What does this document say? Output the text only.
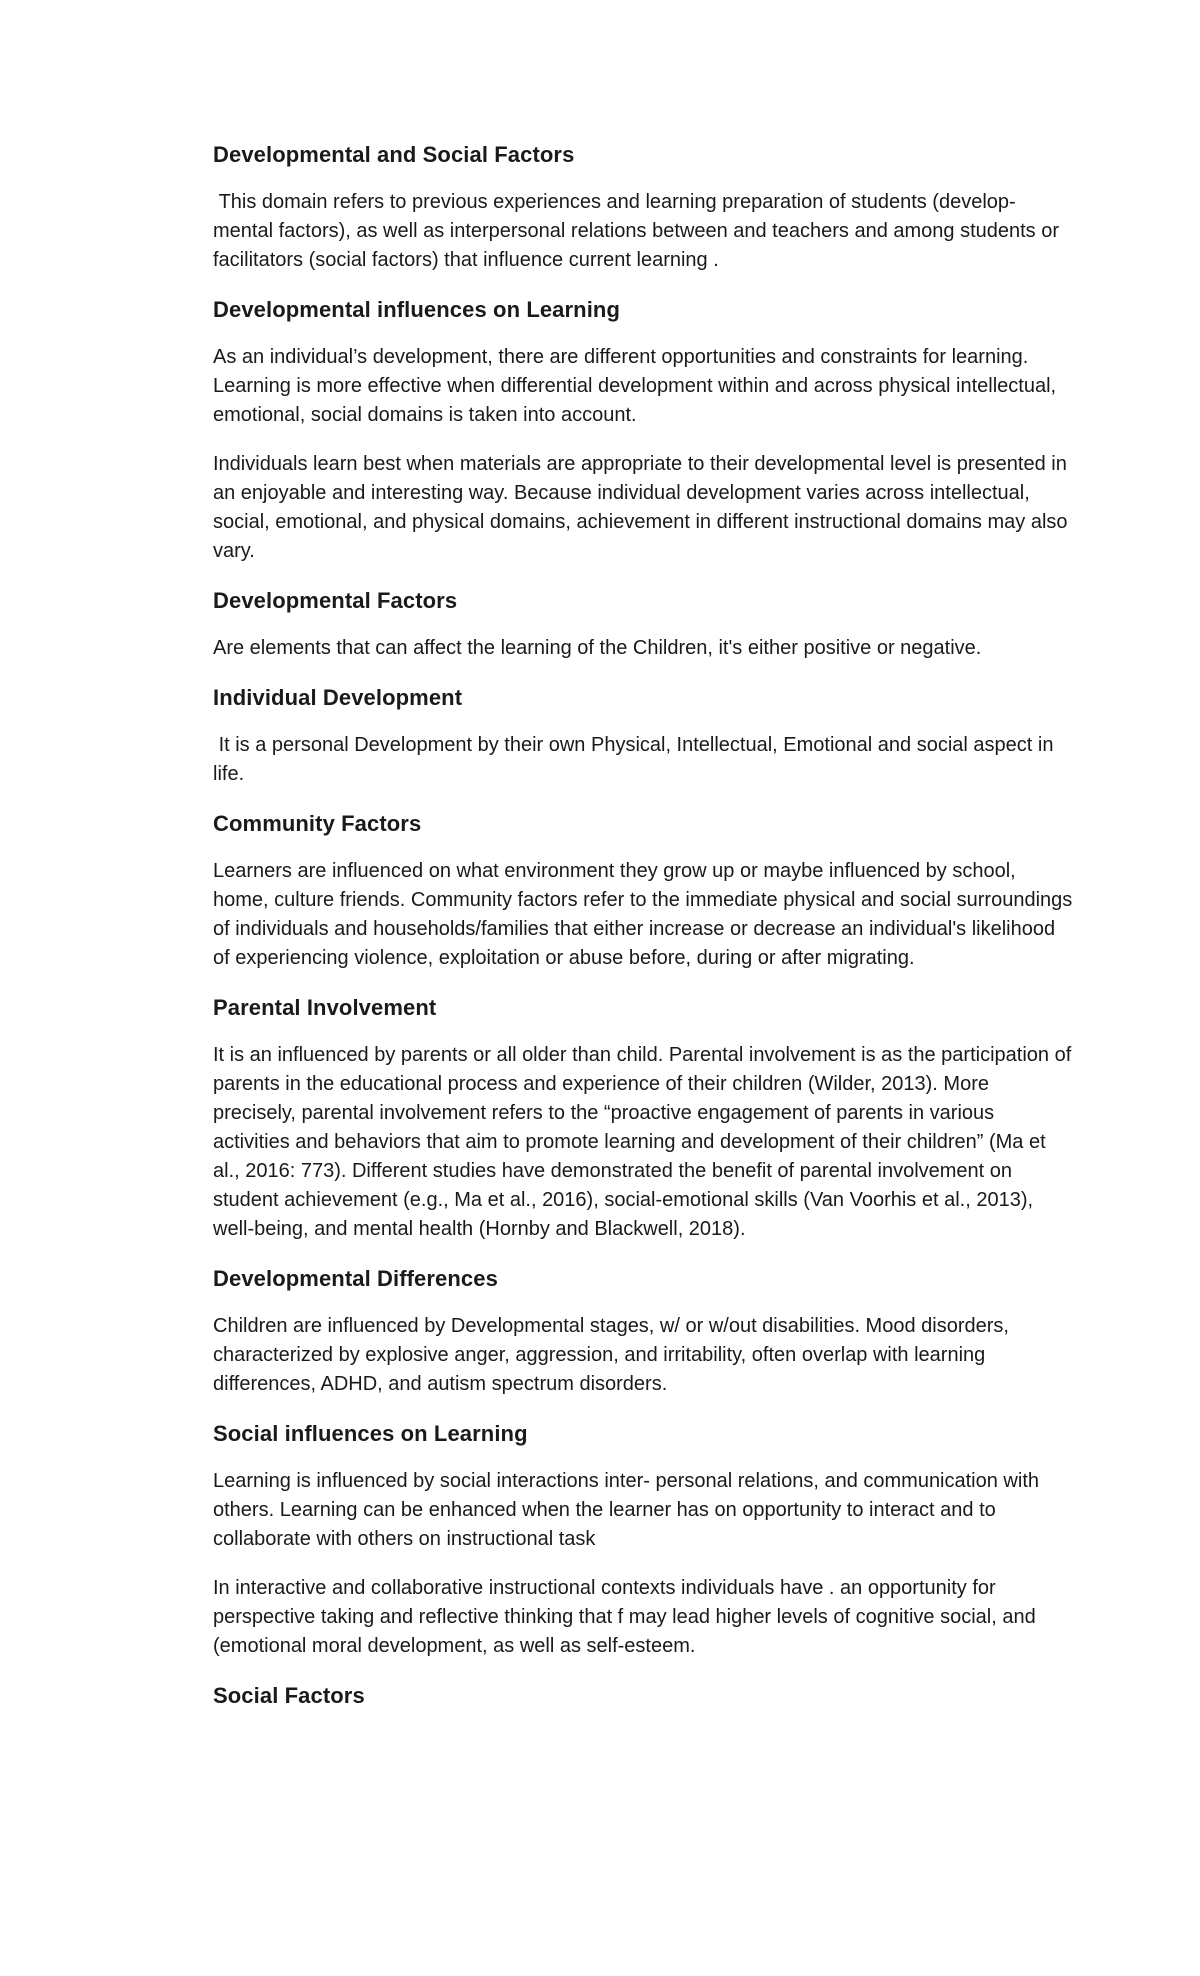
Developmental and Social Factors

This domain refers to previous experiences and learning preparation of students (develop- mental factors), as well as interpersonal relations between and teachers and among students or facilitators (social factors) that influence current learning .

Developmental influences on Learning

As an individual’s development, there are different opportunities and constraints for learning.  Learning is more effective when differential development within and across physical intellectual, emotional, social domains is taken into account.

Individuals learn best when materials are appropriate to their developmental level is presented in an enjoyable and interesting way. Because individual development varies across intellectual, social, emotional, and physical domains, achievement in different instructional domains may also vary.

Developmental Factors

Are elements that can affect the learning of the Children, it's either positive or negative.

Individual Development

It is a personal Development by their own Physical, Intellectual, Emotional and social aspect in life.

Community Factors

Learners are influenced on what environment they grow up or maybe influenced by school, home, culture friends. Community factors refer to the immediate physical and social surroundings of individuals and households/families that either increase or decrease an individual's likelihood of experiencing violence, exploitation or abuse before, during or after migrating.

Parental Involvement

It is an influenced by parents or all older than child. Parental involvement is as the participation of parents in the educational process and experience of their children (Wilder, 2013). More precisely, parental involvement refers to the “proactive engagement of parents in various activities and behaviors that aim to promote learning and development of their children” (Ma et al., 2016: 773). Different studies have demonstrated the benefit of parental involvement on student achievement (e.g., Ma et al., 2016), social-emotional skills (Van Voorhis et al., 2013), well-being, and mental health (Hornby and Blackwell, 2018).

Developmental Differences

Children are influenced by Developmental stages, w/ or w/out disabilities. Mood disorders, characterized by explosive anger, aggression, and irritability, often overlap with learning differences, ADHD, and autism spectrum disorders.

Social influences on Learning

Learning is influenced by social interactions inter- personal relations, and communication with others. Learning can be enhanced when the learner has on opportunity to interact and to collaborate with others on instructional task

In interactive and collaborative instructional contexts individuals have . an opportunity for perspective taking and reflective thinking that f may lead higher levels of cognitive social, and (emotional moral development, as well as self-esteem.

Social Factors
